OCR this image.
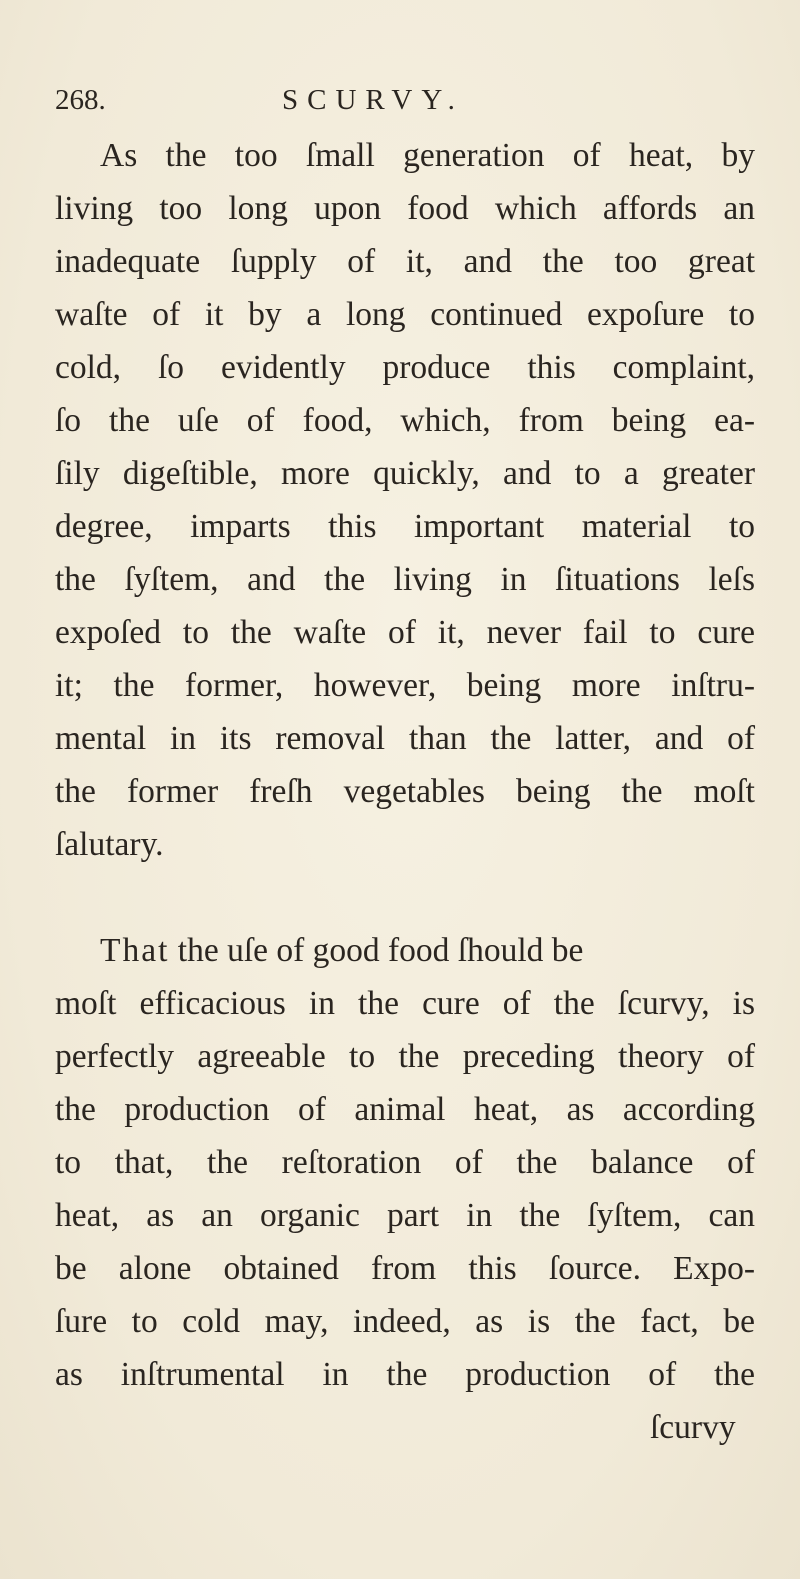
268.	SCURVY.
As the too ſmall generation of heat, by
living too long upon food which affords an
inadequate ſupply of it, and the too great
waſte of it by a long continued expoſure to
cold, ſo evidently produce this complaint,
ſo the uſe of food, which, from being ea-
ſily digeſtible, more quickly, and to a greater
degree, imparts this important material to
the ſyſtem, and the living in ſituations leſs
expoſed to the waſte of it, never fail to cure
it; the former, however, being more inſtru-
mental in its removal than the latter, and of
the former freſh vegetables being the moſt
ſalutary.
That the uſe of good food ſhould be
moſt efficacious in the cure of the ſcurvy, is
perfectly agreeable to the preceding theory of
the production of animal heat, as according
to that, the reſtoration of the balance of
heat, as an organic part in the ſyſtem, can
be alone obtained from this ſource. Expo-
ſure to cold may, indeed, as is the fact, be
as inſtrumental in the production of the
ſcurvy
